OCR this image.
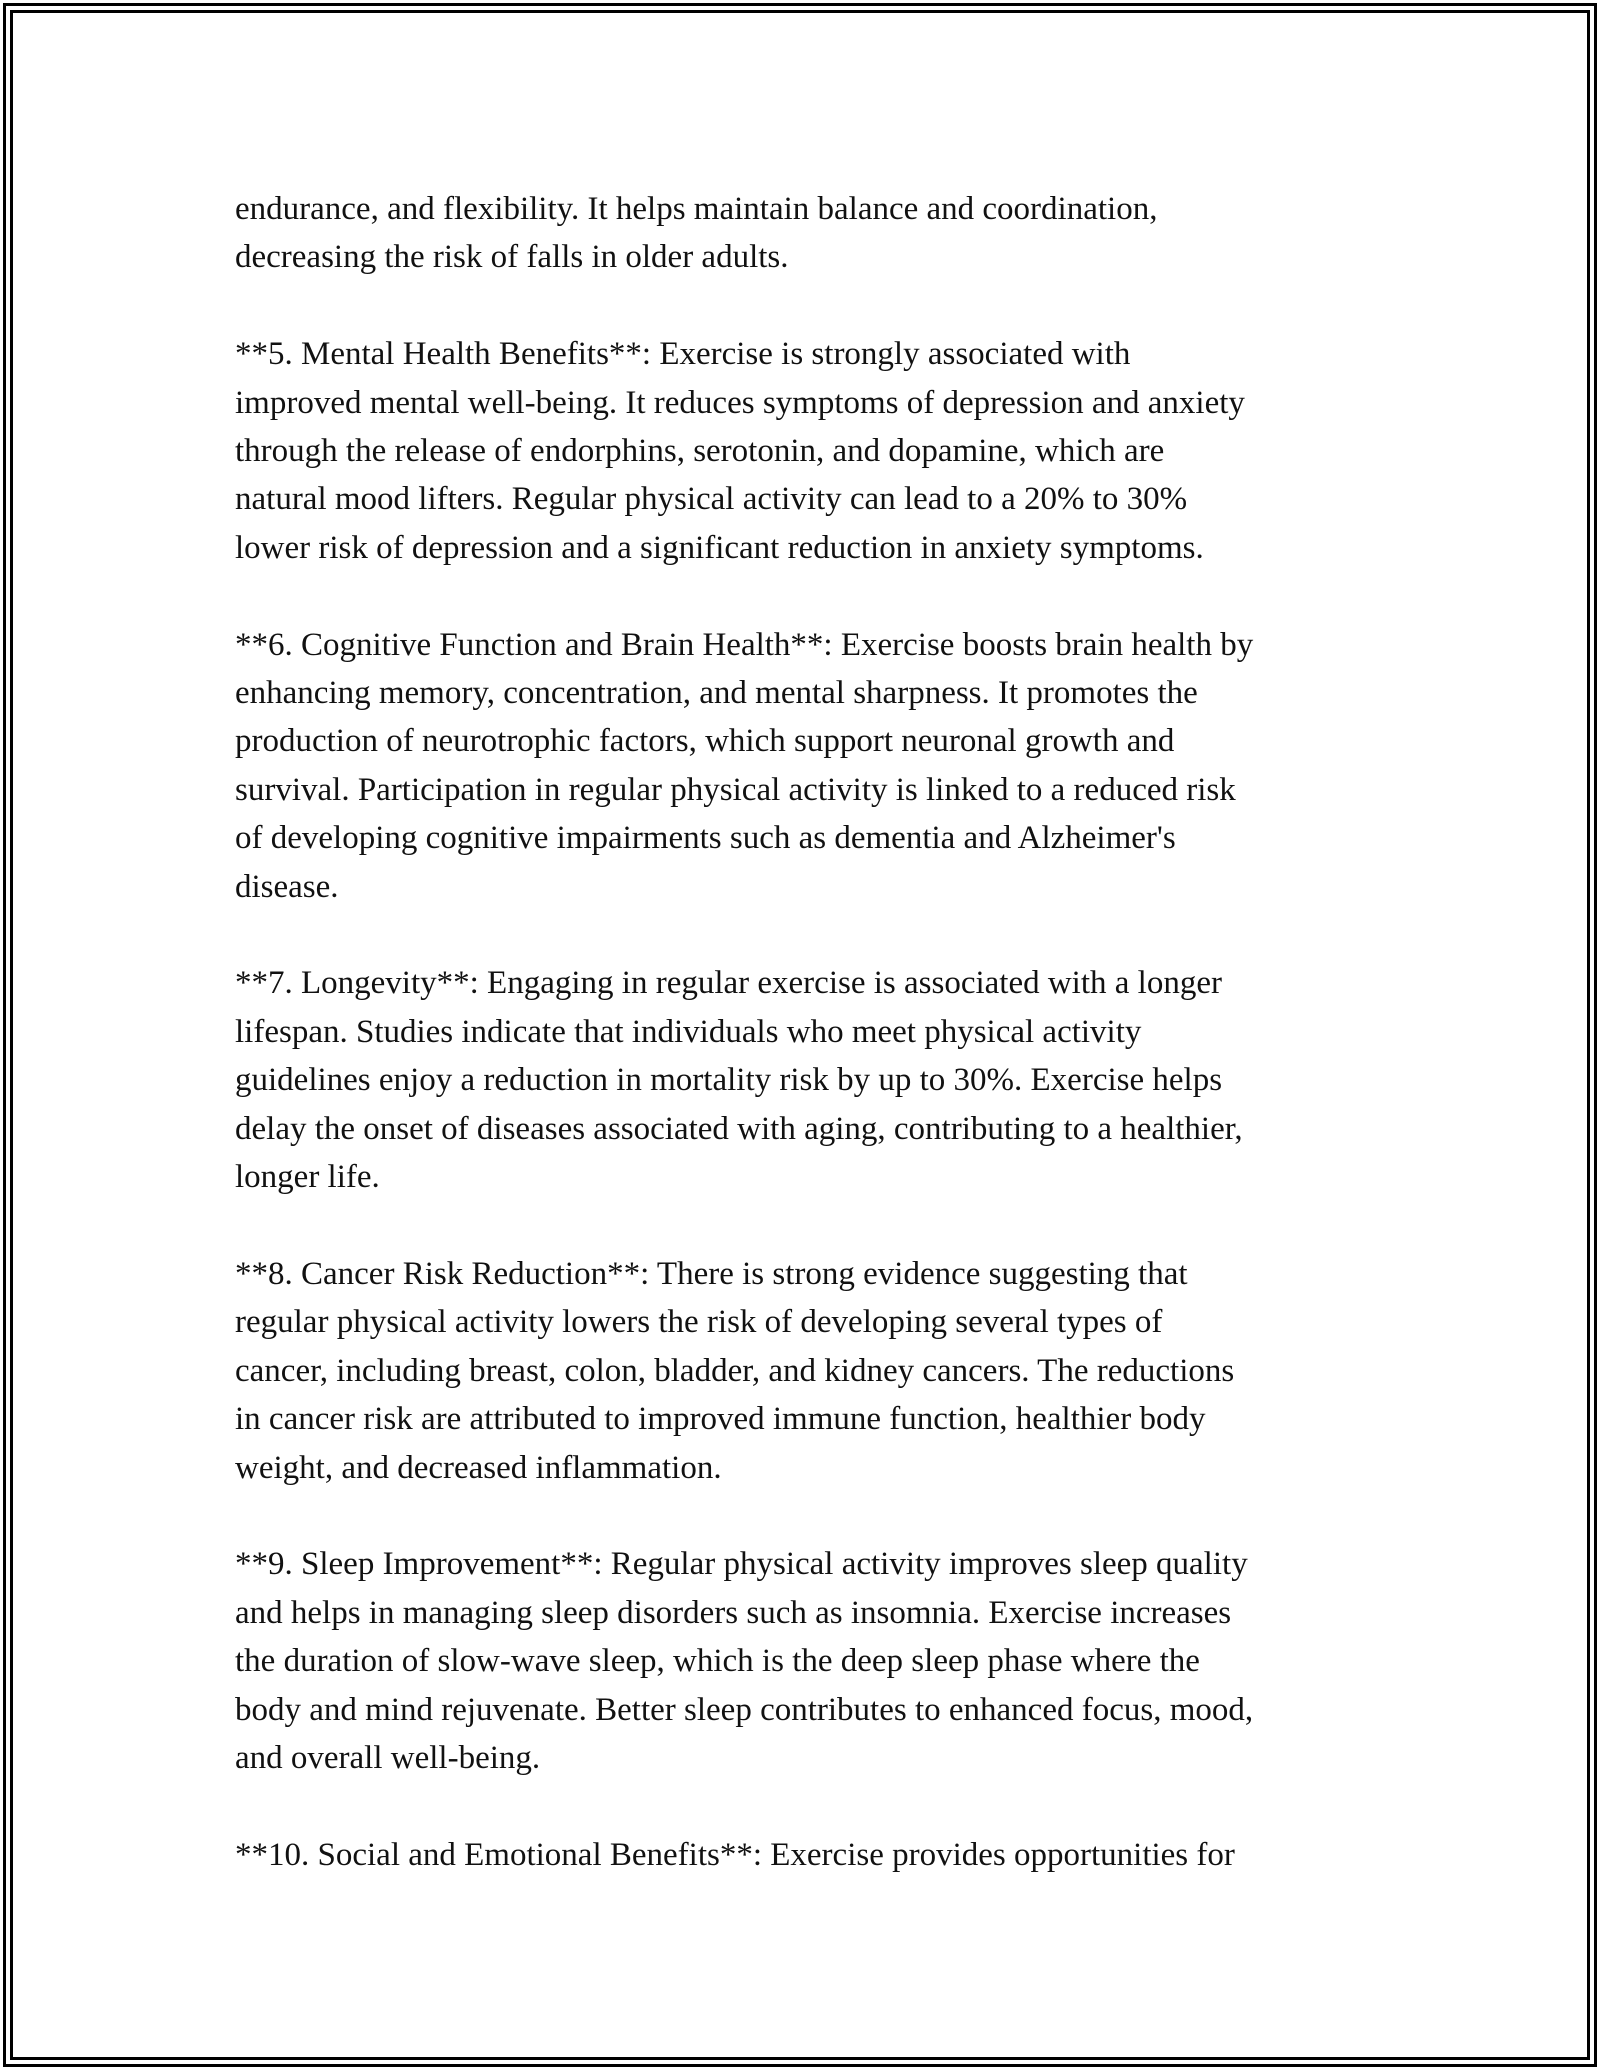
endurance, and flexibility. It helps maintain balance and coordination,
decreasing the risk of falls in older adults.

**5. Mental Health Benefits**: Exercise is strongly associated with
improved mental well-being. It reduces symptoms of depression and anxiety
through the release of endorphins, serotonin, and dopamine, which are
natural mood lifters. Regular physical activity can lead to a 20% to 30%
lower risk of depression and a significant reduction in anxiety symptoms.

**6. Cognitive Function and Brain Health**: Exercise boosts brain health by
enhancing memory, concentration, and mental sharpness. It promotes the
production of neurotrophic factors, which support neuronal growth and
survival. Participation in regular physical activity is linked to a reduced risk
of developing cognitive impairments such as dementia and Alzheimer's
disease.

**7. Longevity**: Engaging in regular exercise is associated with a longer
lifespan. Studies indicate that individuals who meet physical activity
guidelines enjoy a reduction in mortality risk by up to 30%. Exercise helps
delay the onset of diseases associated with aging, contributing to a healthier,
longer life.

**8. Cancer Risk Reduction**: There is strong evidence suggesting that
regular physical activity lowers the risk of developing several types of
cancer, including breast, colon, bladder, and kidney cancers. The reductions
in cancer risk are attributed to improved immune function, healthier body
weight, and decreased inflammation.

**9. Sleep Improvement**: Regular physical activity improves sleep quality
and helps in managing sleep disorders such as insomnia. Exercise increases
the duration of slow-wave sleep, which is the deep sleep phase where the
body and mind rejuvenate. Better sleep contributes to enhanced focus, mood,
and overall well-being.

**10. Social and Emotional Benefits**: Exercise provides opportunities for
